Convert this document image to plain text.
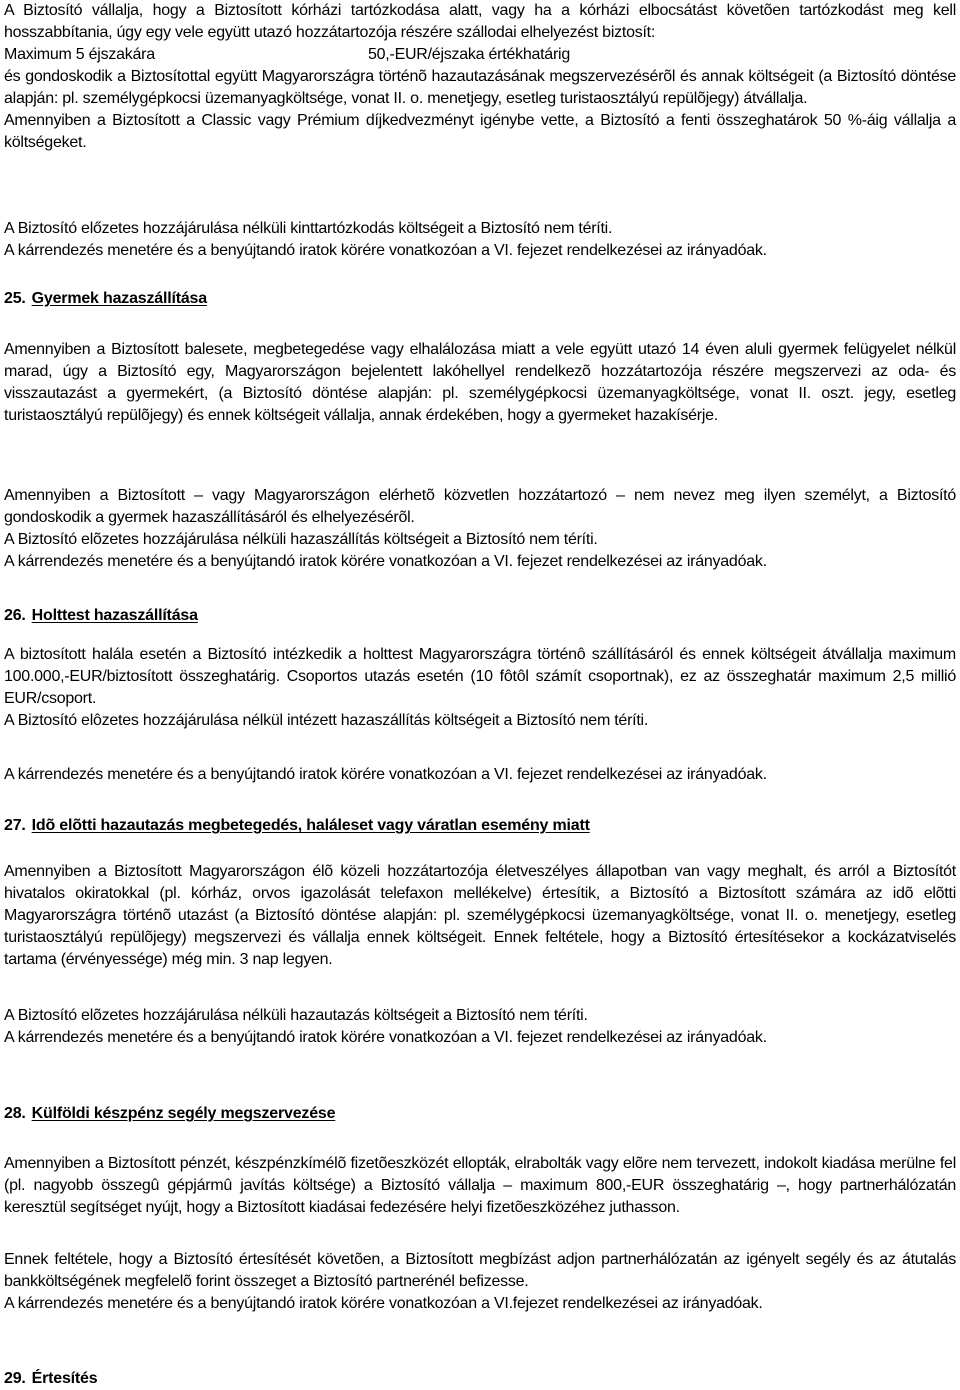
A Biztosító vállalja, hogy a Biztosított kórházi tartózkodása alatt, vagy ha a kórházi elbocsátást követõen tartózkodást meg kell hosszabbítania, úgy egy vele együtt utazó hozzátartozója részére szállodai elhelyezést biztosít:

Maximum 5 éjszakára	50,-EUR/éjszaka értékhatárig

és gondoskodik a Biztosítottal együtt Magyarországra történõ hazautazásának megszervezésérõl és annak költségeit (a Biztosító döntése alapján: pl. személygépkocsi üzemanyagköltsége, vonat II. o. menetjegy, esetleg turistaosztályú repülõjegy) átvállalja.

Amennyiben a Biztosított a Classic vagy Prémium díjkedvezményt igénybe vette, a Biztosító a fenti összeghatárok 50 %-áig vállalja a költségeket.

A Biztosító előzetes hozzájárulása nélküli kinttartózkodás költségeit a Biztosító nem téríti.

A kárrendezés menetére és a benyújtandó iratok körére vonatkozóan a VI. fejezet rendelkezései az irányadóak.

25. Gyermek hazaszállítása

Amennyiben a Biztosított balesete, megbetegedése vagy elhalálozása miatt a vele együtt utazó 14 éven aluli gyermek felügyelet nélkül marad, úgy a Biztosító egy, Magyarországon bejelentett lakóhellyel rendelkezõ hozzátartozója részére megszervezi az oda- és visszautazást a gyermekért, (a Biztosító döntése alapján: pl. személygépkocsi üzemanyagköltsége, vonat II. oszt. jegy, esetleg turistaosztályú repülõjegy) és ennek költségeit vállalja, annak érdekében, hogy a gyermeket hazakísérje.

Amennyiben a Biztosított – vagy Magyarországon elérhetõ közvetlen hozzátartozó – nem nevez meg ilyen személyt, a Biztosító gondoskodik a gyermek hazaszállításáról és elhelyezésérõl.

A Biztosító elõzetes hozzájárulása nélküli hazaszállítás költségeit a Biztosító nem téríti.

A kárrendezés menetére és a benyújtandó iratok körére vonatkozóan a VI. fejezet rendelkezései az irányadóak.

26. Holttest hazaszállítása

A biztosított halála esetén a Biztosító intézkedik a holttest Magyarországra történô szállításáról és ennek költségeit átvállalja maximum 100.000,-EUR/biztosított összeghatárig. Csoportos utazás esetén (10 fôtôl számít csoportnak), ez az összeghatár maximum 2,5 millió EUR/csoport.

A Biztosító elôzetes hozzájárulása nélkül intézett hazaszállítás költségeit a Biztosító nem téríti.

A kárrendezés menetére és a benyújtandó iratok körére vonatkozóan a VI. fejezet rendelkezései az irányadóak.

27. Idõ elõtti hazautazás megbetegedés, haláleset vagy váratlan esemény miatt

Amennyiben a Biztosított Magyarországon élõ közeli hozzátartozója életveszélyes állapotban van vagy meghalt, és arról a Biztosítót hivatalos okiratokkal (pl. kórház, orvos igazolását telefaxon mellékelve) értesítik, a Biztosító a Biztosított számára az idõ elõtti Magyarországra történõ utazást (a Biztosító döntése alapján: pl. személygépkocsi üzemanyagköltsége, vonat II. o. menetjegy, esetleg turistaosztályú repülõjegy) megszervezi és vállalja ennek költségeit. Ennek feltétele, hogy a Biztosító értesítésekor a kockázatviselés tartama (érvényessége) még min. 3 nap legyen.

A Biztosító elõzetes hozzájárulása nélküli hazautazás költségeit a Biztosító nem téríti.

A kárrendezés menetére és a benyújtandó iratok körére vonatkozóan a VI. fejezet rendelkezései az irányadóak.

28. Külföldi készpénz segély megszervezése

Amennyiben a Biztosított pénzét, készpénzkímélõ fizetõeszközét ellopták, elrabolták vagy elõre nem tervezett, indokolt kiadása merülne fel (pl. nagyobb összegû gépjármû javítás költsége) a Biztosító vállalja – maximum 800,-EUR összeghatárig –, hogy partnerhálózatán keresztül segítséget nyújt, hogy a Biztosított kiadásai fedezésére helyi fizetõeszközéhez juthasson.

Ennek feltétele, hogy a Biztosító értesítését követõen, a Biztosított megbízást adjon partnerhálózatán az igényelt segély és az átutalás bankköltségének megfelelõ forint összeget a Biztosító partnerénél befizesse.

A kárrendezés menetére és a benyújtandó iratok körére vonatkozóan a VI.fejezet rendelkezései az irányadóak.

29. Értesítés
